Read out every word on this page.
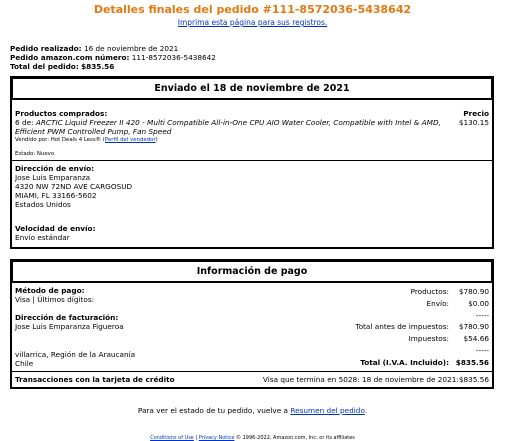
Detalles finales del pedido #111-8572036-5438642
Imprima esta página para sus registros.
Pedido realizado: 16 de noviembre de 2021
Pedido amazon.com número: 111-8572036-5438642
Total del pedido: $835.56
Enviado el 18 de noviembre de 2021
Productos comprados:	Precio
6 de: ARCTIC Liquid Freezer II 420 - Multi Compatible All-in-One CPU AIO Water Cooler, Compatible with Intel & AMD, Efficient PWM Controlled Pump, Fan Speed
$130.15
Vendido por: Hot Deals 4 Less® (Perfil del vendedor)
Estado: Nuevo
Dirección de envío:
Jose Luis Emparanza
4320 NW 72ND AVE CARGOSUD
MIAMI, FL 33166-5602
Estados Unidos
Velocidad de envío:
Envío estándar
Información de pago
Método de pago:
Visa | Últimos dígitos:
Dirección de facturación:
Jose Luis Emparanza Figueroa
villarrica, Región de la Araucanía
Chile
Productos:	$780.90
Envío:	$0.00
	-----
Total antes de impuestos:	$780.90
Impuestos:	$54.66
	-----
Total (I.V.A. Incluido):	$835.56
Transacciones con la tarjeta de crédito	Visa que termina en 5028: 18 de noviembre de 2021:$835.56
Para ver el estado de tu pedido, vuelve a Resumen del pedido.
Conditions of Use | Privacy Notice © 1996-2022, Amazon.com, Inc. or its affiliates
